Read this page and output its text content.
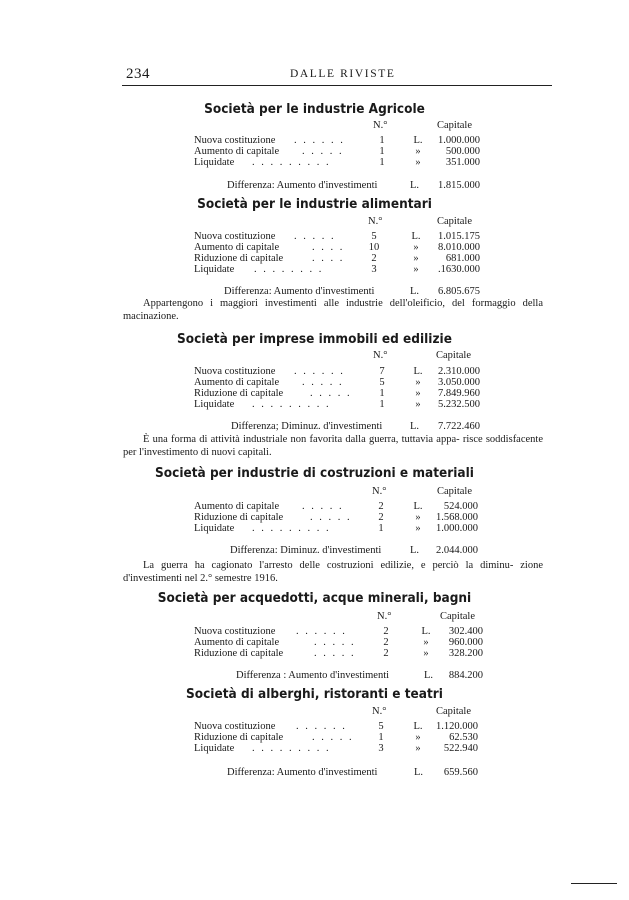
234	DALLE RIVISTE
Società per le industrie Agricole
N.°	Capitale
Nuova costituzione . . . . . .	1	L.	1.000.000
Aumento di capitale . . . . .	1	»	500.000
Liquidate . . . . . . . . .	1	»	351.000
Differenza: Aumento d'investimenti	L. 1.815.000
Società per le industrie alimentari
N.°	Capitale
Nuova costituzione . . . . .	5	L.	1.015.175
Aumento di capitale	. . . .	10	»	8.010.000
Riduzione di capitale	. . . .	2	»	681.000
Liquidate . . . . . . . .	3	»	.1630.000
Differenza: Aumento d'investimenti	L. 6.805.675
Appartengono i maggiori investimenti alle industrie dell'oleificio, del formaggio della macinazione.
Società per imprese immobili ed edilizie
N.°	Capitale
Nuova costituzione . . . . . .	7	L.	2.310.000
Aumento di capitale . . . . .	5	»	3.050.000
Riduzione di capitale	. . . . .	1	»	7.849.960
Liquidate . . . . . . . . .	1	»	5.232.500
Differenza; Diminuz. d'investimenti	L. 7.722.460
È una forma di attività industriale non favorita dalla guerra, tuttavia appa- risce soddisfacente per l'investimento di nuovi capitali.
Società per industrie di costruzioni e materiali
N.°	Capitale
Aumento di capitale . . . . .	2	L.	524.000
Riduzione di capitale	. . . . .	2	»	1.568.000
Liquidate . . . . . . . . .	1	»	1.000.000
Differenza: Diminuz. d'investimenti	L. 2.044.000
La guerra ha cagionato l'arresto delle costruzioni edilizie, e perciò la diminu- zione d'investimenti nel 2.° semestre 1916.
Società per acquedotti, acque minerali, bagni
N.°	Capitale
Nuova costituzione . . . . . .	2	L.	302.400
Aumento di capitale	. . . . .	2	»	960.000
Riduzione di capitale	. . . . .	2	»	328.200
Differenza : Aumento d'investimenti	L. 884.200
Società di alberghi, ristoranti e teatri
N.°	Capitale
Nuova costituzione . . . . . .	5	L.	1.120.000
Riduzione di capitale	. . . . .	1	»	62.530
Liquidate . . . . . . . . .	3	»	522.940
Differenza: Aumento d'investimenti	L. 659.560
